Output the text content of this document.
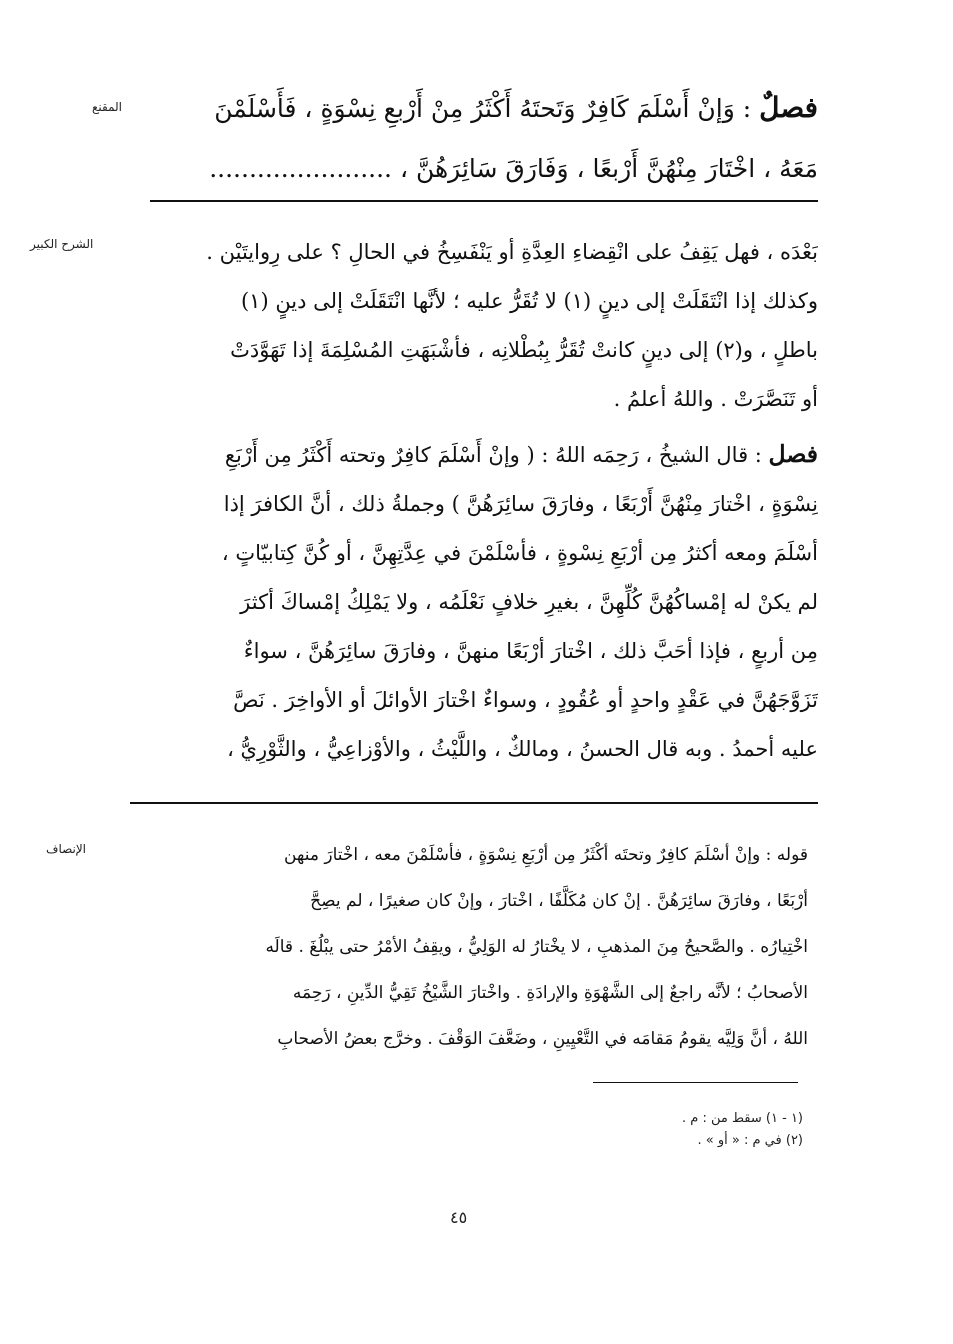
المقنع
الشرح الكبير
الإنصاف
فصلٌ : وَإنْ أَسْلَمَ كَافِرٌ وَتَحتَهُ أَكْثَرُ مِنْ أَرْبعِ نِسْوَةٍ ، فَأَسْلَمْنَ
مَعَهُ ، اخْتَارَ مِنْهُنَّ أَرْبعًا ، وَفَارَقَ سَائِرَهُنَّ ، .......................
بَعْدَه ، فهل يَقِفُ على انْقِضاءِ العِدَّةِ أو يَنْفَسِخُ في الحالِ ؟ على رِوايتَيْن .
وكذلك إذا انْتَقَلَتْ إلى دينٍ (١) لا تُقَرُّ عليه ؛ لأنَّها انْتَقَلَتْ إلى دينٍ (١)
باطلٍ ، و(٢) إلى دينٍ كانتْ تُقَرُّ بِبُطْلانِه ، فأشْبَهَتِ المُسْلِمَةَ إذا تَهَوَّدَتْ
أو تَنَصَّرَتْ . واللهُ أعلمُ .
فصل : قال الشيخُ ، رَحِمَه اللهُ : ( وإنْ أَسْلَمَ كافِرٌ وتحته أَكْثَرُ مِن أَرْبَعِ
نِسْوَةٍ ، اخْتارَ مِنْهُنَّ أَرْبَعًا ، وفارَقَ سائِرَهُنَّ ) وجملةُ ذلك ، أنَّ الكافرَ إذا
أسْلَمَ ومعه أكثرُ مِن أرْبَعِ نِسْوةٍ ، فأسْلَمْنَ في عِدَّتِهِنَّ ، أو كُنَّ كِتابيّاتٍ ،
لم يكنْ له إمْساكُهُنَّ كُلِّهِنَّ ، بغيرِ خلافٍ نَعْلَمُه ، ولا يَمْلِكُ إمْساكَ أكثرَ
مِن أربعٍ ، فإذا أحَبَّ ذلك ، اخْتارَ أرْبَعًا منهنَّ ، وفارَقَ سائِرَهُنَّ ، سواءٌ
تَزَوَّجَهُنَّ في عَقْدٍ واحدٍ أو عُقُودٍ ، وسواءٌ اخْتارَ الأوائلَ أو الأواخِرَ . نَصَّ
عليه أحمدُ . وبه قال الحسنُ ، ومالكٌ ، واللَّيْثُ ، والأوْزاعِيُّ ، والثَّوْرِيُّ ،
قوله : وإنْ أسْلَمَ كافِرٌ وتحتَه أكْثَرُ مِن أرْبَعِ نِسْوَةٍ ، فأسْلَمْنَ معه ، اخْتارَ منهن
أرْبَعًا ، وفارَقَ سائِرَهُنَّ . إنْ كان مُكَلَّفًا ، اخْتارَ ، وإنْ كان صغيرًا ، لم يصِحَّ
اخْتِيارُه . والصَّحيحُ مِنَ المذهبِ ، لا يخْتارُ له الوَلِيُّ ، ويقِفُ الأمْرُ حتى يبْلُغَ . قالَه
الأصحابُ ؛ لأنَّه راجعٌ إلى الشَّهْوَةِ والإرادَةِ . واخْتارَ الشَّيْخُ تَقِيُّ الدِّينِ ، رَحِمَه
اللهُ ، أنَّ وَلِيَّه يقومُ مَقامَه في التَّعْيِينِ ، وضَعَّفَ الوَقْفَ . وخرَّج بعضُ الأصحابِ
(١ - ١) سقط من : م .
(٢) في م : « أو » .
٤٥
